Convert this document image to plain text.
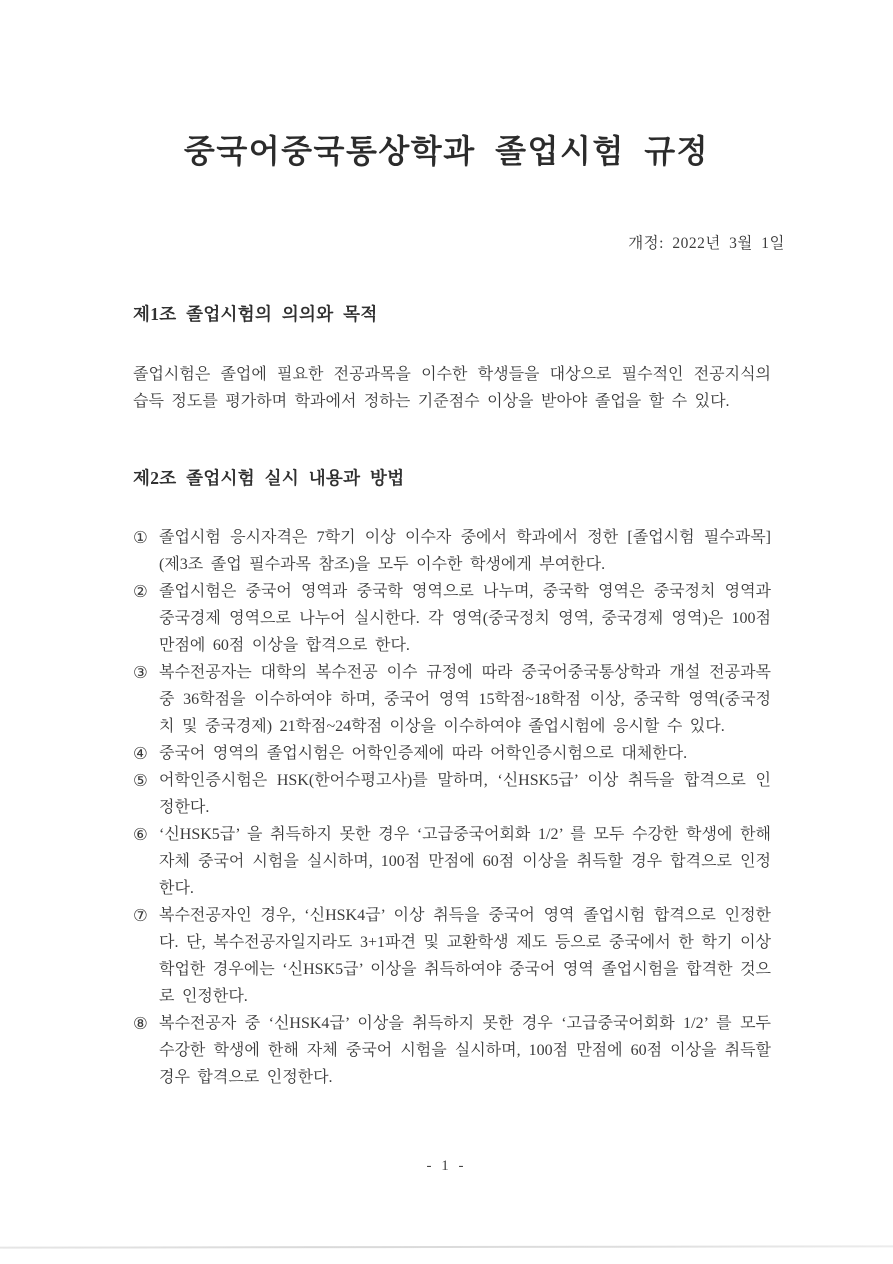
중국어중국통상학과 졸업시험 규정
개정: 2022년 3월 1일
제1조 졸업시험의 의의와 목적
졸업시험은 졸업에 필요한 전공과목을 이수한 학생들을 대상으로 필수적인 전공지식의 습득 정도를 평가하며 학과에서 정하는 기준점수 이상을 받아야 졸업을 할 수 있다.
제2조 졸업시험 실시 내용과 방법
① 졸업시험 응시자격은 7학기 이상 이수자 중에서 학과에서 정한 [졸업시험 필수과목](제3조 졸업 필수과목 참조)을 모두 이수한 학생에게 부여한다.
② 졸업시험은 중국어 영역과 중국학 영역으로 나누며, 중국학 영역은 중국정치 영역과 중국경제 영역으로 나누어 실시한다. 각 영역(중국정치 영역, 중국경제 영역)은 100점 만점에 60점 이상을 합격으로 한다.
③ 복수전공자는 대학의 복수전공 이수 규정에 따라 중국어중국통상학과 개설 전공과목 중 36학점을 이수하여야 하며, 중국어 영역 15학점~18학점 이상, 중국학 영역(중국정치 및 중국경제) 21학점~24학점 이상을 이수하여야 졸업시험에 응시할 수 있다.
④ 중국어 영역의 졸업시험은 어학인증제에 따라 어학인증시험으로 대체한다.
⑤ 어학인증시험은 HSK(한어수평고사)를 말하며, ‘신HSK5급’ 이상 취득을 합격으로 인정한다.
⑥ ‘신HSK5급’ 을 취득하지 못한 경우 ‘고급중국어회화 1/2’ 를 모두 수강한 학생에 한해 자체 중국어 시험을 실시하며, 100점 만점에 60점 이상을 취득할 경우 합격으로 인정한다.
⑦ 복수전공자인 경우, ‘신HSK4급’ 이상 취득을 중국어 영역 졸업시험 합격으로 인정한다. 단, 복수전공자일지라도 3+1파견 및 교환학생 제도 등으로 중국에서 한 학기 이상 학업한 경우에는 ‘신HSK5급’ 이상을 취득하여야 중국어 영역 졸업시험을 합격한 것으로 인정한다.
⑧ 복수전공자 중 ‘신HSK4급’ 이상을 취득하지 못한 경우 ‘고급중국어회화 1/2’ 를 모두 수강한 학생에 한해 자체 중국어 시험을 실시하며, 100점 만점에 60점 이상을 취득할 경우 합격으로 인정한다.
- 1 -
